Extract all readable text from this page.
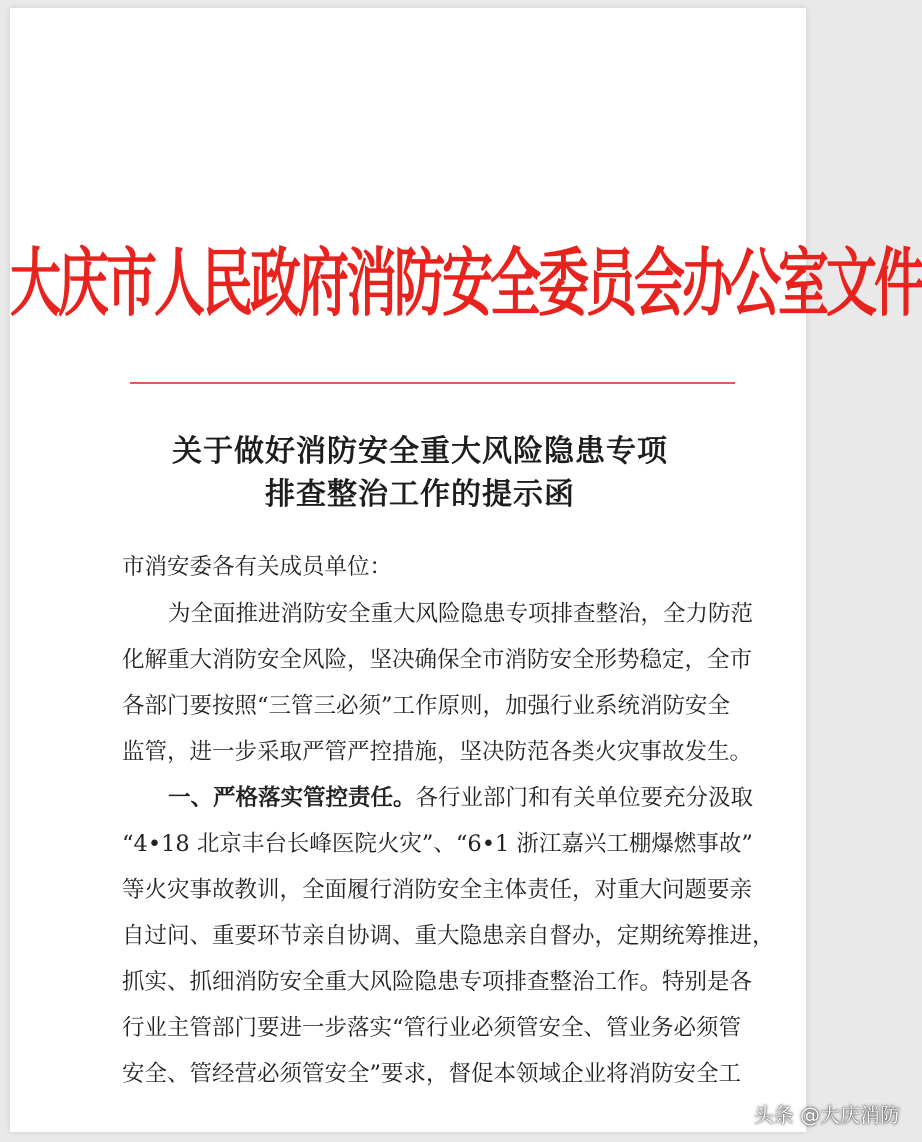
大庆市人民政府消防安全委员会办公室文件
关于做好消防安全重大风险隐患专项
排查整治工作的提示函
市消安委各有关成员单位：
为全面推进消防安全重大风险隐患专项排查整治，全力防范
化解重大消防安全风险，坚决确保全市消防安全形势稳定，全市
各部门要按照“三管三必须”工作原则，加强行业系统消防安全
监管，进一步采取严管严控措施，坚决防范各类火灾事故发生。
一、严格落实管控责任。各行业部门和有关单位要充分汲取
“4•18 北京丰台长峰医院火灾”、“6•1 浙江嘉兴工棚爆燃事故”
等火灾事故教训，全面履行消防安全主体责任，对重大问题要亲
自过问、重要环节亲自协调、重大隐患亲自督办，定期统筹推进，
抓实、抓细消防安全重大风险隐患专项排查整治工作。特别是各
行业主管部门要进一步落实“管行业必须管安全、管业务必须管
安全、管经营必须管安全”要求，督促本领域企业将消防安全工
头条 @大庆消防
